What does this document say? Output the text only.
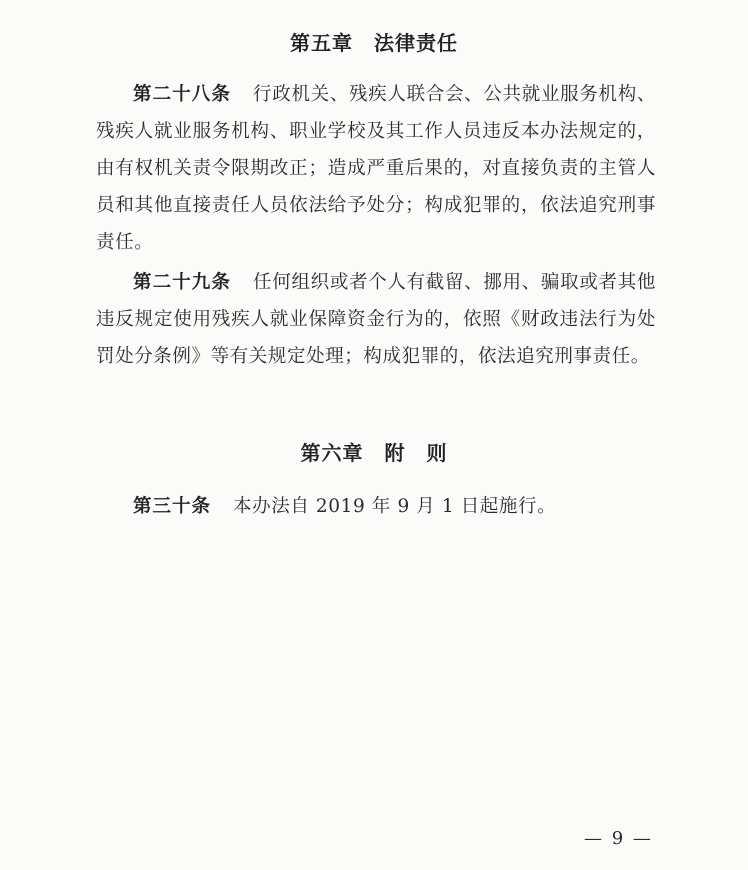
第五章　法律责任
第二十八条 行政机关、残疾人联合会、公共就业服务机构、残疾人就业服务机构、职业学校及其工作人员违反本办法规定的，由有权机关责令限期改正；造成严重后果的，对直接负责的主管人员和其他直接责任人员依法给予处分；构成犯罪的，依法追究刑事责任。
第二十九条 任何组织或者个人有截留、挪用、骗取或者其他违反规定使用残疾人就业保障资金行为的，依照《财政违法行为处罚处分条例》等有关规定处理；构成犯罪的，依法追究刑事责任。
第六章　附　则
第三十条 本办法自 2019 年 9 月 1 日起施行。
— 9 —
